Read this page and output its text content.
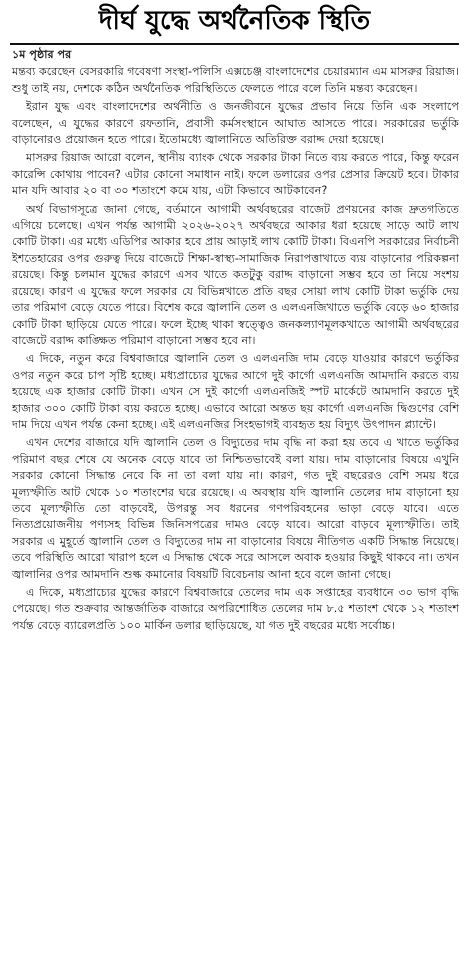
দীর্ঘ যুদ্ধে অর্থনৈতিক স্থিতি

১ম পৃষ্ঠার পর

মন্তব্য করেছেন বেসরকারি গবেষণা সংস্থা-পলিসি এক্সচেঞ্জ বাংলাদেশের চেয়ারম্যান এম মাসরুর রিয়াজ। শুধু তাই নয়, দেশকে কঠিন অর্থনৈতিক পরিস্থিতিতে ফেলতে পারে বলে তিনি মন্তব্য করেছেন।

ইরান যুদ্ধ এবং বাংলাদেশের অর্থনীতি ও জনজীবনে যুদ্ধের প্রভাব নিয়ে তিনি এক সংলাপে বলেছেন, এ যুদ্ধের কারণে রফতানি, প্রবাসী কর্মসংস্থানে আঘাত আসতে পারে। সরকারের ভর্তুকি বাড়ানোরও প্রয়োজন হতে পারে। ইতোমধ্যে জ্বালানিতে অতিরিক্ত বরাদ্দ দেয়া হয়েছে।

মাসরুর রিয়াজ আরো বলেন, স্থানীয় ব্যাংক থেকে সরকার টাকা নিতে ব্যয় করতে পারে, কিন্তু ফরেন কারেন্সি কোথায় পাবেন? এটার কোনো সমাধান নাই। ফলে ডলারের ওপর প্রেসার ক্রিয়েট হবে। টাকার মান যদি আবার ২০ বা ৩০ শতাংশে কমে যায়, এটা কিভাবে আটকাবেন?

অর্থ বিভাগসূত্রে জানা গেছে, বর্তমানে আগামী অর্থবছরের বাজেট প্রণয়নের কাজ দ্রুতগতিতে এগিয়ে চলেছে। এখন পর্যন্ত আগামী ২০২৬-২০২৭ অর্থবছরে আকার ধরা হয়েছে সাড়ে আট লাখ কোটি টাকা। এর মধ্যে এডিপির আকার হবে প্রায় আড়াই লাখ কোটি টাকা। বিএনপি সরকারের নির্বাচনী ইশতেহারের ওপর গুরুত্ব দিয়ে বাজেটে শিক্ষা-স্বাস্থ্য-সামাজিক নিরাপত্তাখাতে ব্যয় বাড়ানোর পরিকল্পনা রয়েছে। কিন্তু চলমান যুদ্ধের কারণে এসব খাতে কতটুকু বরাদ্দ বাড়ানো সম্ভব হবে তা নিয়ে সংশয় রয়েছে। কারণ এ যুদ্ধের ফলে সরকার যে বিভিন্নখাতে প্রতি বছর সোয়া লাখ কোটি টাকা ভর্তুকি দেয় তার পরিমাণ বেড়ে যেতে পারে। বিশেষ করে জ্বালানি তেল ও এলএনজিখাতে ভর্তুকি বেড়ে ৬০ হাজার কোটি টাকা ছাড়িয়ে যেতে পারে। ফলে ইচ্ছে থাকা স্বত্ত্বেও জনকল্যাণমূলকখাতে আগামী অর্থবছরের বাজেটে বরাদ্দ কাঙ্ক্ষিত পরিমাণ বাড়ানো সম্ভব হবে না।

এ দিকে, নতুন করে বিশ্ববাজারে জ্বালানি তেল ও এলএনজি দাম বেড়ে যাওয়ার কারণে ভর্তুকির ওপর নতুন করে চাপ সৃষ্টি হচ্ছে। মধ্যপ্রাচ্যের যুদ্ধের আগে দুই কার্গো এলএনজি আমদানি করতে ব্যয় হয়েছে এক হাজার কোটি টাকা। এখন সে দুই কার্গো এলএনজিই স্পট মার্কেটে আমদানি করতে দুই হাজার ৩০০ কোটি টাকা ব্যয় করতে হচ্ছে। এভাবে আরো অন্তত ছয় কার্গো এলএনজি দ্বিগুণের বেশি দাম দিয়ে এখন পর্যন্ত কেনা হচ্ছে। এই এলএনজির সিংহভাগই ব্যবহৃত হয় বিদ্যুৎ উৎপাদন প্ল্যান্টে।

এখন দেশের বাজারে যদি জ্বালানি তেল ও বিদ্যুতের দাম বৃদ্ধি না করা হয় তবে এ খাতে ভর্তুকির পরিমাণ বছর শেষে যে অনেক বেড়ে যাবে তা নিশ্চিতভাবেই বলা যায়। দাম বাড়ানোর বিষয়ে এখুনি সরকার কোনো সিদ্ধান্ত নেবে কি না তা বলা যায় না। কারণ, গত দুই বছরেরও বেশি সময় ধরে মূল্যস্ফীতি আট থেকে ১০ শতাংশের ঘরে রয়েছে। এ অবস্থায় যদি জ্বালানি তেলের দাম বাড়ানো হয় তবে মূল্যস্ফীতি তো বাড়বেই, উপরন্তু সব ধরনের গণপরিবহনের ভাড়া বেড়ে যাবে। এতে নিত্যপ্রয়োজনীয় পণ্যসহ বিভিন্ন জিনিসপত্রের দামও বেড়ে যাবে। আরো বাড়বে মূল্যস্ফীতি। তাই সরকার এ মুহূর্তে জ্বালানি তেল ও বিদ্যুতের দাম না বাড়ানোর বিষয়ে নীতিগত একটি সিদ্ধান্ত নিয়েছে। তবে পরিস্থিতি আরো খারাপ হলে এ সিদ্ধান্ত থেকে সরে আসলে অবাক হওয়ার কিছুই থাকবে না। তখন জ্বালানির ওপর আমদানি শুল্ক কমানোর বিষয়টি বিবেচনায় আনা হবে বলে জানা গেছে।

এ দিকে, মধ্যপ্রাচ্যের যুদ্ধের কারণে বিশ্ববাজারে তেলের দাম এক সপ্তাহের ব্যবধানে ৩০ ভাগ বৃদ্ধি পেয়েছে। গত শুক্রবার আন্তর্জাতিক বাজারে অপরিশোধিত তেলের দাম ৮.৫ শতাংশ থেকে ১২ শতাংশ পর্যন্ত বেড়ে ব্যারেলপ্রতি ১০০ মার্কিন ডলার ছাড়িয়েছে, যা গত দুই বছরের মধ্যে সর্বোচ্চ।
